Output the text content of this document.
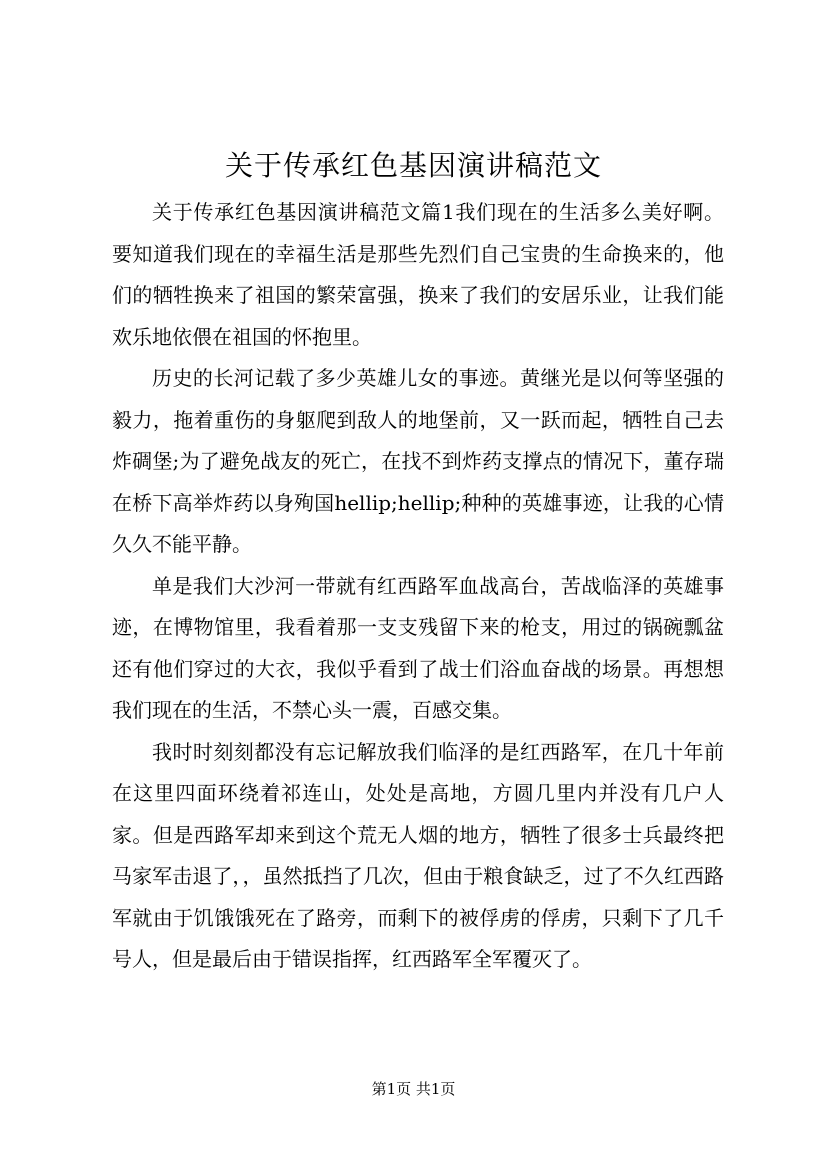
关于传承红色基因演讲稿范文

关于传承红色基因演讲稿范文篇1我们现在的生活多么美好啊。要知道我们现在的幸福生活是那些先烈们自己宝贵的生命换来的，他们的牺牲换来了祖国的繁荣富强，换来了我们的安居乐业，让我们能欢乐地依偎在祖国的怀抱里。

历史的长河记载了多少英雄儿女的事迹。黄继光是以何等坚强的毅力，拖着重伤的身躯爬到敌人的地堡前，又一跃而起，牺牲自己去炸碉堡;为了避免战友的死亡，在找不到炸药支撑点的情况下，董存瑞在桥下高举炸药以身殉国hellip;hellip;种种的英雄事迹，让我的心情久久不能平静。

单是我们大沙河一带就有红西路军血战高台，苦战临泽的英雄事迹，在博物馆里，我看着那一支支残留下来的枪支，用过的锅碗瓢盆还有他们穿过的大衣，我似乎看到了战士们浴血奋战的场景。再想想我们现在的生活，不禁心头一震，百感交集。

我时时刻刻都没有忘记解放我们临泽的是红西路军，在几十年前在这里四面环绕着祁连山，处处是高地，方圆几里内并没有几户人家。但是西路军却来到这个荒无人烟的地方，牺牲了很多士兵最终把马家军击退了，，虽然抵挡了几次，但由于粮食缺乏，过了不久红西路军就由于饥饿饿死在了路旁，而剩下的被俘虏的俘虏，只剩下了几千号人，但是最后由于错误指挥，红西路军全军覆灭了。

第1页 共1页
